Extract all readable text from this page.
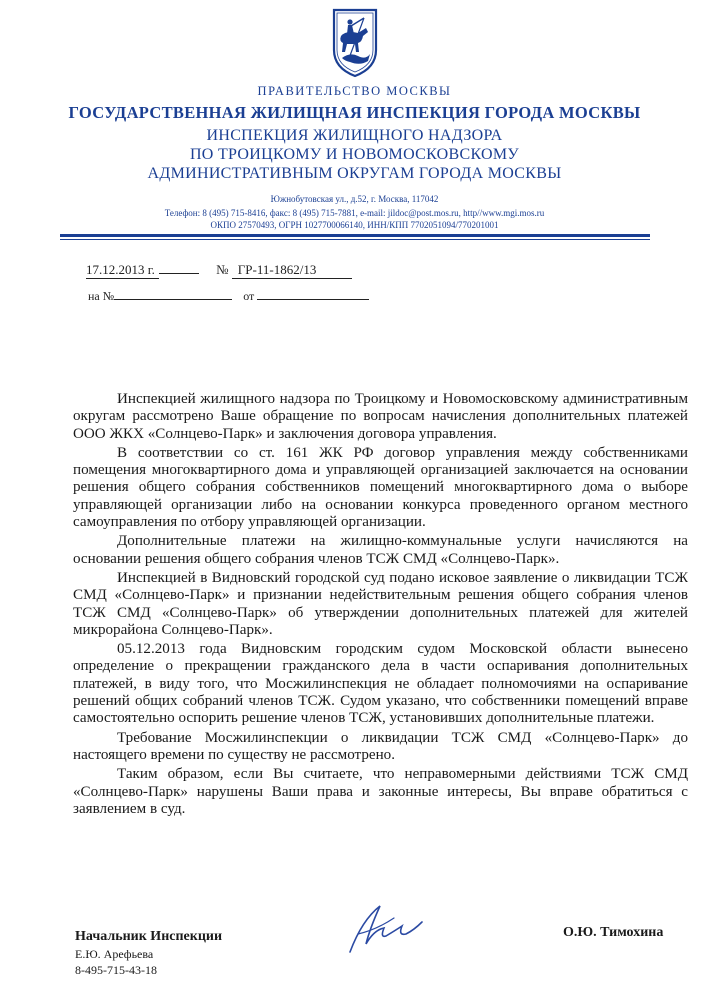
ПРАВИТЕЛЬСТВО МОСКВЫ
ГОСУДАРСТВЕННАЯ ЖИЛИЩНАЯ ИНСПЕКЦИЯ ГОРОДА МОСКВЫ
ИНСПЕКЦИЯ ЖИЛИЩНОГО НАДЗОРА
ПО ТРОИЦКОМУ И НОВОМОСКОВСКОМУ
АДМИНИСТРАТИВНЫМ ОКРУГАМ ГОРОДА МОСКВЫ
Южнобутовская ул., д.52, г. Москва, 117042
Телефон: 8 (495) 715-8416, факс: 8 (495) 715-7881, e-mail: jildoc@post.mos.ru, http//www.mgi.mos.ru
ОКПО 27570493, ОГРН 1027700066140, ИНН/КПП 7702051094/770201001
17.12.2013 г.	№ ГР-11-1862/13
на №	от

Инспекцией жилищного надзора по Троицкому и Новомосковскому административным округам рассмотрено Ваше обращение по вопросам начисления дополнительных платежей ООО ЖКХ «Солнцево-Парк» и заключения договора управления.

В соответствии со ст. 161 ЖК РФ договор управления между собственниками помещения многоквартирного дома и управляющей организацией заключается на основании решения общего собрания собственников помещений многоквартирного дома о выборе управляющей организации либо на основании конкурса проведенного органом местного самоуправления по отбору управляющей организации.

Дополнительные платежи на жилищно-коммунальные услуги начисляются на основании решения общего собрания членов ТСЖ СМД «Солнцево-Парк».

Инспекцией в Видновский городской суд подано исковое заявление о ликвидации ТСЖ СМД «Солнцево-Парк» и признании недействительным решения общего собрания членов ТСЖ СМД «Солнцево-Парк» об утверждении дополнительных платежей для жителей микрорайона Солнцево-Парк».

05.12.2013 года Видновским городским судом Московской области вынесено определение о прекращении гражданского дела в части оспаривания дополнительных платежей, в виду того, что Мосжилинспекция не обладает полномочиями на оспаривание решений общих собраний членов ТСЖ. Судом указано, что собственники помещений вправе самостоятельно оспорить решение членов ТСЖ, установивших дополнительные платежи.

Требование Мосжилинспекции о ликвидации ТСЖ СМД «Солнцево-Парк» до настоящего времени по существу не рассмотрено.

Таким образом, если Вы считаете, что неправомерными действиями ТСЖ СМД «Солнцево-Парк» нарушены Ваши права и законные интересы, Вы вправе обратиться с заявлением в суд.

Начальник Инспекции	О.Ю. Тимохина
Е.Ю. Арефьева
8-495-715-43-18
